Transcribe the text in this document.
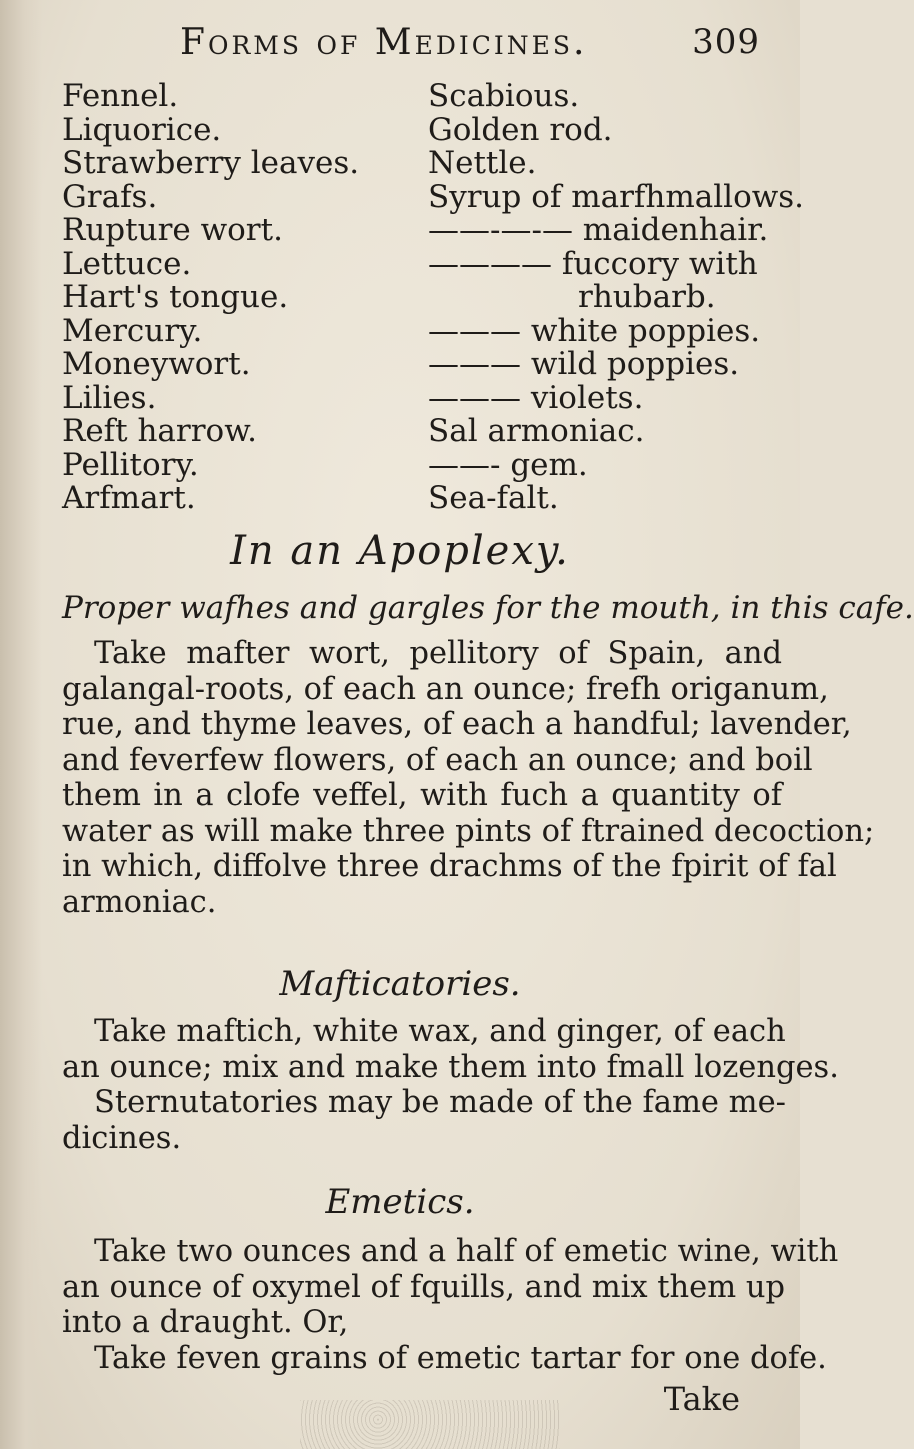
Forms of Medicines.	309
Fennel.
Liquorice.
Strawberry leaves.
Grafs.
Rupture wort.
Lettuce.
Hart's tongue.
Mercury.
Moneywort.
Lilies.
Reft harrow.
Pellitory.
Arfmart.
Scabious.
Golden rod.
Nettle.
Syrup of marfhmallows.
——-—-— maidenhair.
———— fuccory with
rhubarb.
——— white poppies.
——— wild poppies.
——— violets.
Sal armoniac.
——- gem.
Sea-falt.
In an Apoplexy.
Proper wafhes and gargles for the mouth, in this cafe.
Take mafter wort, pellitory of Spain, and
galangal-roots, of each an ounce; frefh origanum,
rue, and thyme leaves, of each a handful; lavender,
and feverfew flowers, of each an ounce; and boil
them in a clofe veffel, with fuch a quantity of
water as will make three pints of ftrained decoction;
in which, diffolve three drachms of the fpirit of fal
armoniac.
Mafticatories.
Take maftich, white wax, and ginger, of each
an ounce; mix and make them into fmall lozenges.
Sternutatories may be made of the fame me-
dicines.
Emetics.
Take two ounces and a half of emetic wine, with
an ounce of oxymel of fquills, and mix them up
into a draught. Or,
Take feven grains of emetic tartar for one dofe.
Take
